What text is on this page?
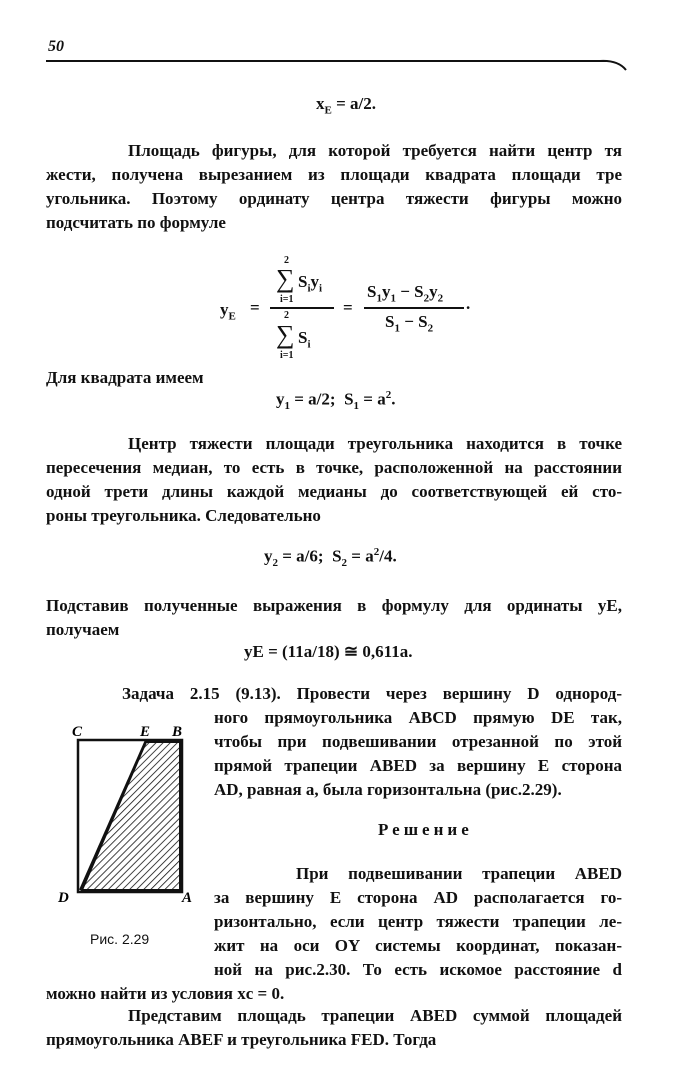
50
$x_E = a/2$.
Площадь фигуры, для которой требуется найти центр тя
жести, получена вырезанием из площади квадрата площади тре
угольника. Поэтому ординату центра тяжести фигуры можно
подсчитать по формуле
$y_E$ =
2
∑ $S_iy_i$
i=1
2
∑ $S_i$
i=1
=
$S_1y_1 - S_2y_2$
$S_1 - S_2$
.
Для квадрата имеем
$y_1 = a/2$;  $S_1 = a^2$.
Центр тяжести площади треугольника находится в точке
пересечения медиан, то есть в точке, расположенной на расстоянии
одной трети длины каждой медианы до соответствующей ей сто-
роны треугольника. Следовательно
$y_2 = a/6$;  $S_2 = a^2/4$.
Подставив полученные выражения в формулу для ординаты yE,
получаем
yE = (11a/18) ≅ 0,611a.
Задача 2.15 (9.13). Провести через вершину D однород-
ного прямоугольника ABCD прямую DE так,
чтобы при подвешивании отрезанной по этой
прямой трапеции ABED за вершину E сторона
AD, равная a, была горизонтальна (рис.2.29).
C	E B
D	A
Рис. 2.29
Решение
При подвешивании трапеции ABED
за вершину E сторона AD располагается го-
ризонтально, если центр тяжести трапеции ле-
жит на оси OY системы координат, показан-
ной на рис.2.30. То есть искомое расстояние d
можно найти из условия xc = 0.
Представим площадь трапеции ABED суммой площадей
прямоугольника ABEF и треугольника FED. Тогда
